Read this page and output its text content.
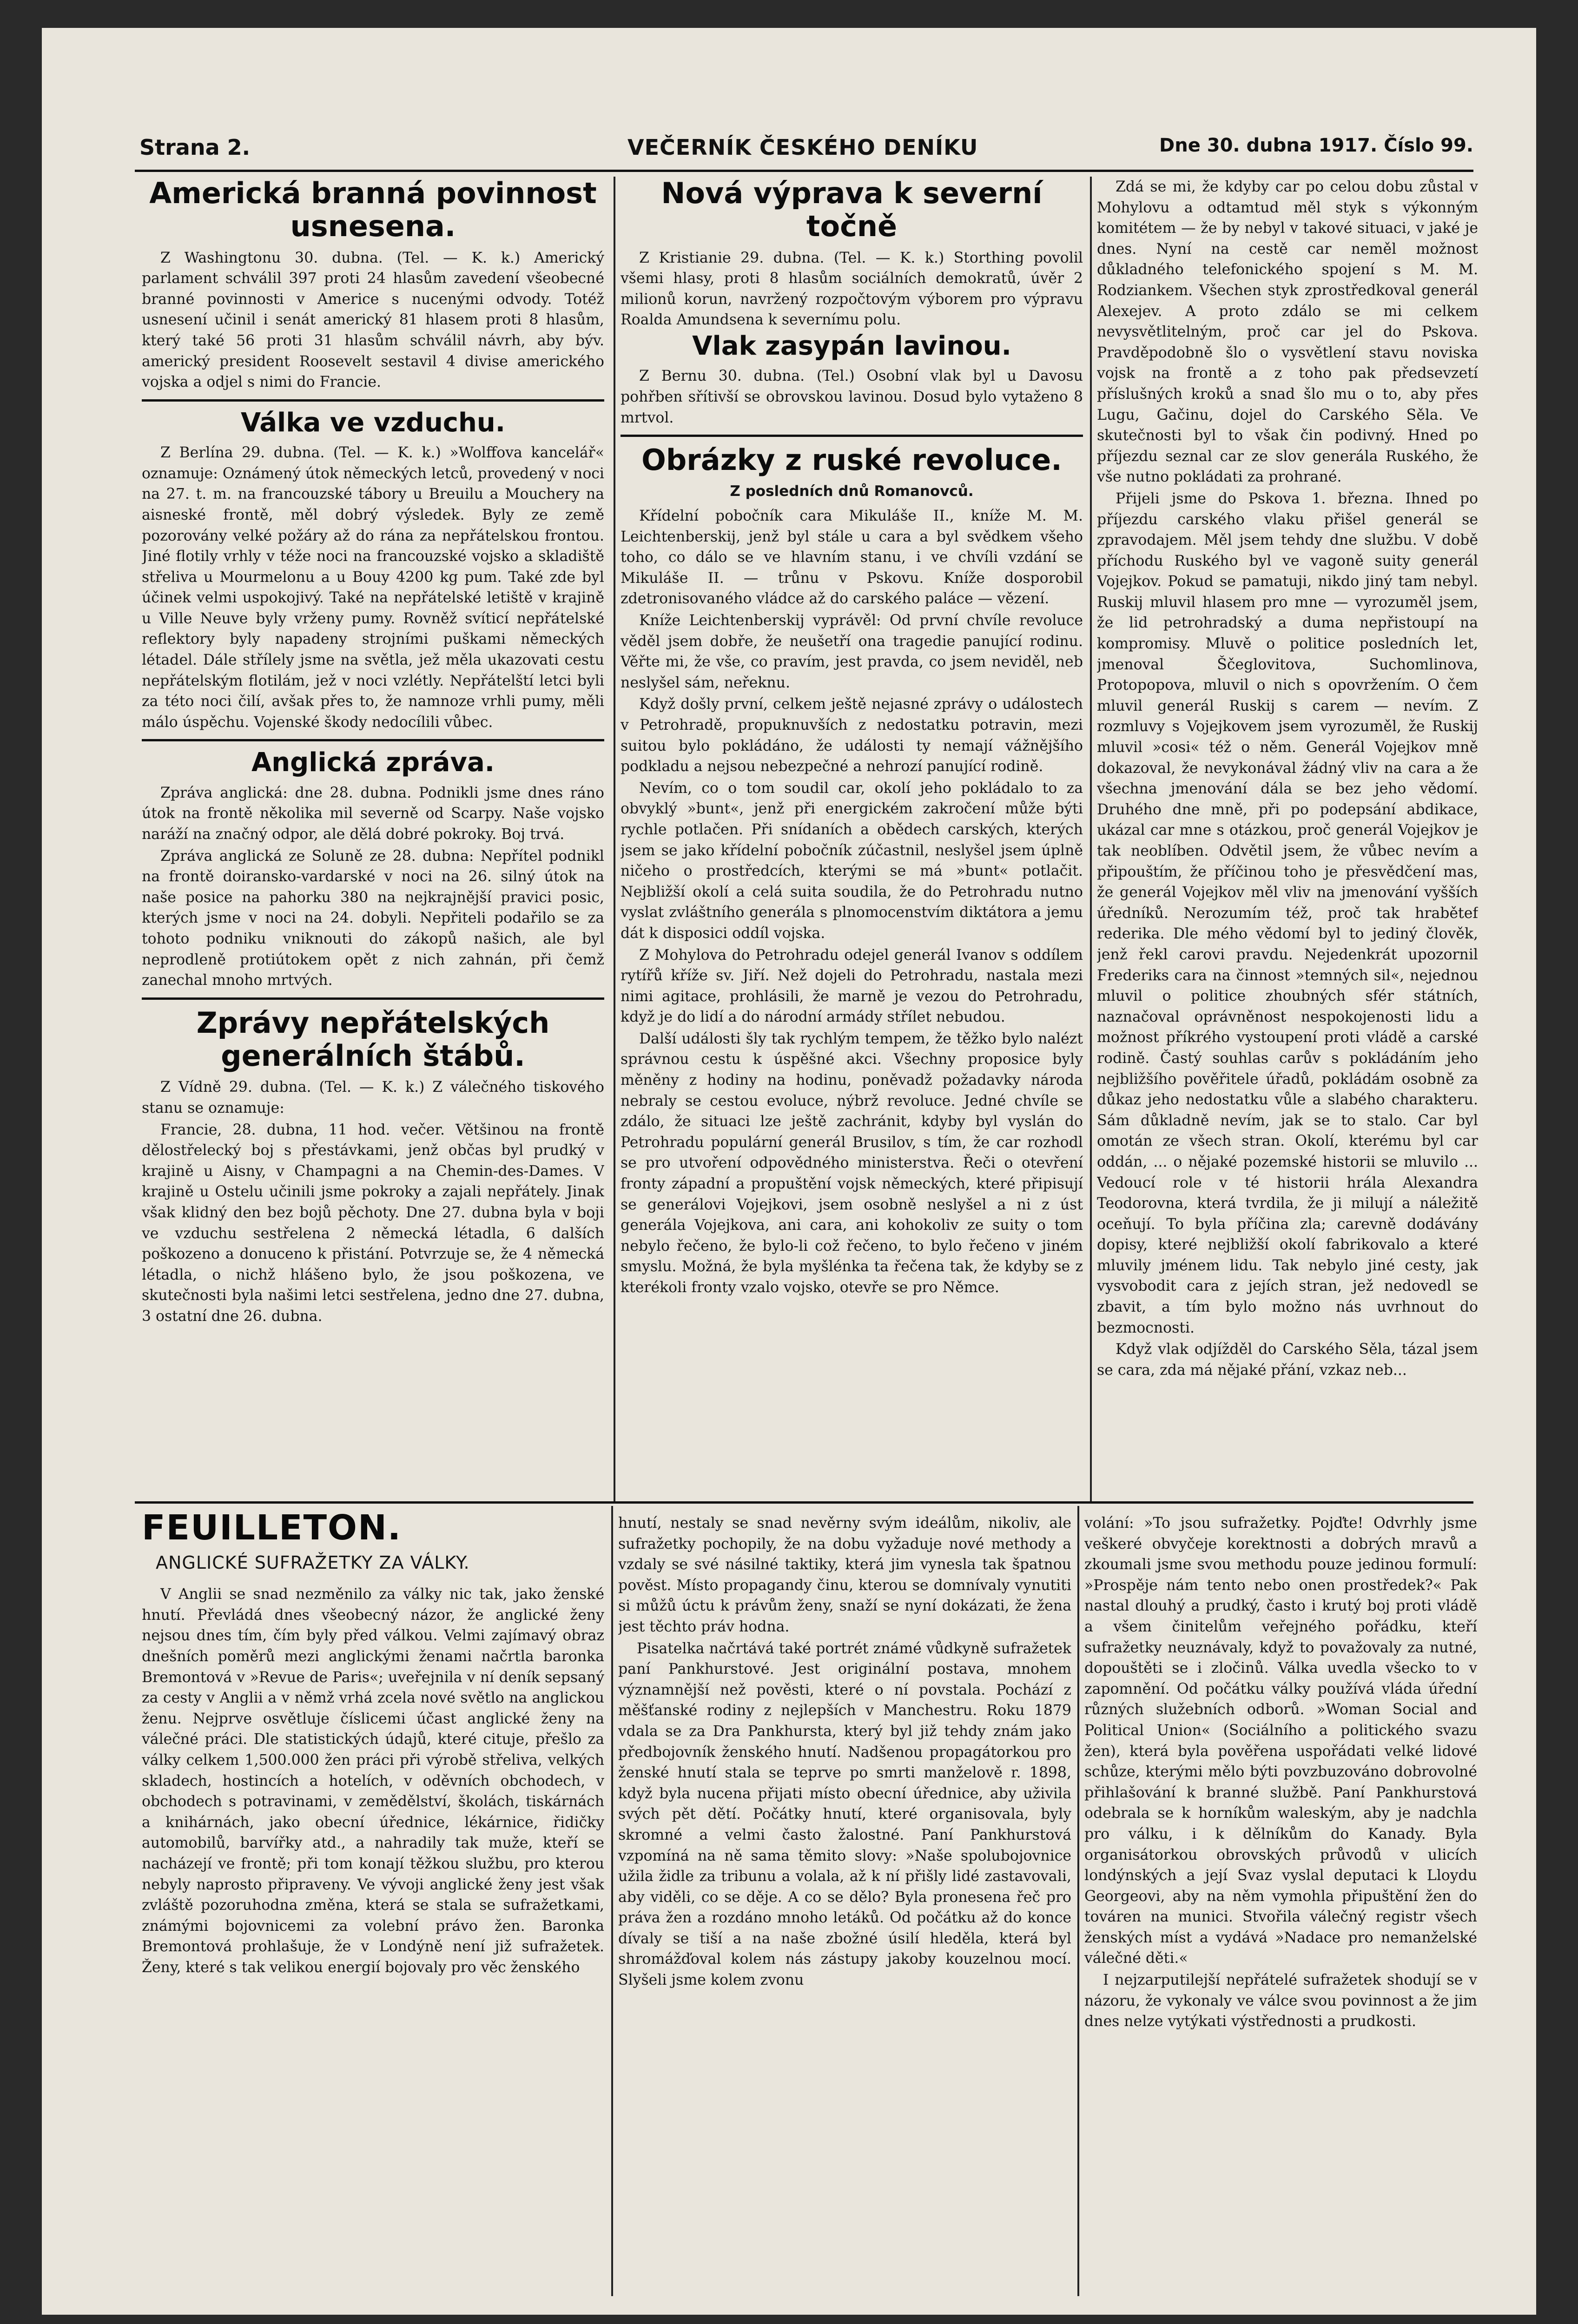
Strana 2.	VEČERNÍK ČESKÉHO DENÍKU	Dne 30. dubna 1917. Číslo 99.
Americká branná povinnost usnesena.

Z Washingtonu 30. dubna. (Tel. — K. k.) Americký parlament schválil 397 proti 24 hlasům zavedení všeobecné branné povinnosti v Americe s nucenými odvody. Totéž usnesení učinil i senát americký 81 hlasem proti 8 hlasům, který také 56 proti 31 hlasům schválil návrh, aby býv. americký president Roosevelt sestavil 4 divise amerického vojska a odjel s nimi do Francie.

Válka ve vzduchu.

Z Berlína 29. dubna. (Tel. — K. k.) »Wolffova kancelář« oznamuje: Oznámený útok německých letců, provedený v noci na 27. t. m. na francouzské tábory u Breuilu a Mouchery na aisneské frontě, měl dobrý výsledek. Byly ze země pozorovány velké požáry až do rána za nepřátelskou frontou. Jiné flotily vrhly v téže noci na francouzské vojsko a skladiště střeliva u Mourmelonu a u Bouy 4200 kg pum. Také zde byl účinek velmi uspokojivý. Také na nepřátelské letiště v krajině u Ville Neuve byly vrženy pumy. Rovněž svíticí nepřátelské reflektory byly napadeny strojními puškami německých létadel. Dále střílely jsme na světla, jež měla ukazovati cestu nepřátelským flotilám, jež v noci vzlétly. Nepřátelští letci byli za této noci čilí, avšak přes to, že namnoze vrhli pumy, měli málo úspěchu. Vojenské škody nedocílili vůbec.

Anglická zpráva.

Zpráva anglická: dne 28. dubna. Podnikli jsme dnes ráno útok na frontě několika mil severně od Scarpy. Naše vojsko naráží na značný odpor, ale dělá dobré pokroky. Boj trvá.

Zpráva anglická ze Soluně ze 28. dubna: Nepřítel podnikl na frontě doiransko-vardarské v noci na 26. silný útok na naše posice na pahorku 380 na nejkrajnější pravici posic, kterých jsme v noci na 24. dobyli. Nepřiteli podařilo se za tohoto podniku vniknouti do zákopů našich, ale byl neprodleně protiútokem opět z nich zahnán, při čemž zanechal mnoho mrtvých.

Zprávy nepřátelských generálních štábů.

Z Vídně 29. dubna. (Tel. — K. k.) Z válečného tiskového stanu se oznamuje:

Francie, 28. dubna, 11 hod. večer. Většinou na frontě dělostřelecký boj s přestávkami, jenž občas byl prudký v krajině u Aisny, v Champagni a na Chemin-des-Dames. V krajině u Ostelu učinili jsme pokroky a zajali nepřátely. Jinak však klidný den bez bojů pěchoty. Dne 27. dubna byla v boji ve vzduchu sestřelena 2 německá létadla, 6 dalších poškozeno a donuceno k přistání. Potvrzuje se, že 4 německá létadla, o nichž hlášeno bylo, že jsou poškozena, ve skutečnosti byla našimi letci sestřelena, jedno dne 27. dubna, 3 ostatní dne 26. dubna.

Nová výprava k severní točně

Z Kristianie 29. dubna. (Tel. — K. k.) Storthing povolil všemi hlasy, proti 8 hlasům sociálních demokratů, úvěr 2 milionů korun, navržený rozpočtovým výborem pro výpravu Roalda Amundsena k severnímu polu.

Vlak zasypán lavinou.

Z Bernu 30. dubna. (Tel.) Osobní vlak byl u Davosu pohřben sřítivší se obrovskou lavinou. Dosud bylo vytaženo 8 mrtvol.

Obrázky z ruské revoluce.
Z posledních dnů Romanovců.

Křídelní pobočník cara Mikuláše II., kníže M. M. Leichtenberskij, jenž byl stále u cara a byl svědkem všeho toho, co dálo se ve hlavním stanu, i ve chvíli vzdání se Mikuláše II. — trůnu v Pskovu. Kníže dosporobil zdetronisovaného vládce až do carského paláce — vězení.

Kníže Leichtenberskij vyprávěl: Od první chvíle revoluce věděl jsem dobře, že neušetří ona tragedie panující rodinu. Věřte mi, že vše, co pravím, jest pravda, co jsem neviděl, neb neslyšel sám, neřeknu.

Když došly první, celkem ještě nejasné zprávy o událostech v Petrohradě, propuknuvších z nedostatku potravin, mezi suitou bylo pokládáno, že události ty nemají vážnějšího podkladu a nejsou nebezpečné a nehrozí panující rodině.

Nevím, co o tom soudil car, okolí jeho pokládalo to za obvyklý »bunt«, jenž při energickém zakročení může býti rychle potlačen. Při snídaních a obědech carských, kterých jsem se jako křídelní pobočník zúčastnil, neslyšel jsem úplně ničeho o prostředcích, kterými se má »bunt« potlačit. Nejbližší okolí a celá suita soudila, že do Petrohradu nutno vyslat zvláštního generála s plnomocenstvím diktátora a jemu dát k disposici oddíl vojska.

Z Mohylova do Petrohradu odejel generál Ivanov s oddílem rytířů kříže sv. Jiří. Než dojeli do Petrohradu, nastala mezi nimi agitace, prohlásili, že marně je vezou do Petrohradu, když je do lidí a do národní armády střílet nebudou.

Další události šly tak rychlým tempem, že těžko bylo nalézt správnou cestu k úspěšné akci. Všechny proposice byly měněny z hodiny na hodinu, poněvadž požadavky národa nebraly se cestou evoluce, nýbrž revoluce. Jedné chvíle se zdálo, že situaci lze ještě zachránit, kdyby byl vyslán do Petrohradu populární generál Brusilov, s tím, že car rozhodl se pro utvoření odpovědného ministerstva. Řeči o otevření fronty západní a propuštění vojsk německých, které připisují se generálovi Vojejkovi, jsem osobně neslyšel a ni z úst generála Vojejkova, ani cara, ani kohokoliv ze suity o tom nebylo řečeno, že bylo-li což řečeno, to bylo řečeno v jiném smyslu. Možná, že byla myšlénka ta řečena tak, že kdyby se z kterékoli fronty vzalo vojsko, otevře se pro Němce.

Zdá se mi, že kdyby car po celou dobu zůstal v Mohylovu a odtamtud měl styk s výkonným komitétem — že by nebyl v takové situaci, v jaké je dnes. Nyní na cestě car neměl možnost důkladného telefonického spojení s M. M. Rodziankem. Všechen styk zprostředkoval generál Alexejev. A proto zdálo se mi celkem nevysvětlitelným, proč car jel do Pskova. Pravděpodobně šlo o vysvětlení stavu noviska vojsk na frontě a z toho pak předsevzetí příslušných kroků a snad šlo mu o to, aby přes Lugu, Gačinu, dojel do Carského Sěla. Ve skutečnosti byl to však čin podivný. Hned po příjezdu seznal car ze slov generála Ruského, že vše nutno pokládati za prohrané.

Přijeli jsme do Pskova 1. března. Ihned po příjezdu carského vlaku přišel generál se zpravodajem. Měl jsem tehdy dne službu. V době příchodu Ruského byl ve vagoně suity generál Vojejkov. Pokud se pamatuji, nikdo jiný tam nebyl. Ruskij mluvil hlasem pro mne — vyrozuměl jsem, že lid petrohradský a duma nepřistoupí na kompromisy. Mluvě o politice posledních let, jmenoval Ščeglovitova, Suchomlinova, Protopopova, mluvil o nich s opovržením. O čem mluvil generál Ruskij s carem — nevím. Z rozmluvy s Vojejkovem jsem vyrozuměl, že Ruskij mluvil »cosi« též o něm. Generál Vojejkov mně dokazoval, že nevykonával žádný vliv na cara a že všechna jmenování dála se bez jeho vědomí. Druhého dne mně, při po podepsání abdikace, ukázal car mne s otázkou, proč generál Vojejkov je tak neoblíben. Odvětil jsem, že vůbec nevím a připouštím, že příčinou toho je přesvědčení mas, že generál Vojejkov měl vliv na jmenování vyšších úředníků. Nerozumím též, proč tak hrabětef rederika. Dle mého vědomí byl to jediný člověk, jenž řekl carovi pravdu. Nejedenkrát upozornil Frederiks cara na činnost »temných sil«, nejednou mluvil o politice zhoubných sfér státních, naznačoval oprávněnost nespokojenosti lidu a možnost příkrého vystoupení proti vládě a carské rodině. Častý souhlas carův s pokládáním jeho nejbližšího pověřitele úřadů, pokládám osobně za důkaz jeho nedostatku vůle a slabého charakteru. Sám důkladně nevím, jak se to stalo. Car byl omotán ze všech stran. Okolí, kterému byl car oddán, ... o nějaké pozemské historii se mluvilo ... Vedoucí role v té historii hrála Alexandra Teodorovna, která tvrdila, že ji milují a náležitě oceňují. To byla příčina zla; carevně dodávány dopisy, které nejbližší okolí fabrikovalo a které mluvily jménem lidu. Tak nebylo jiné cesty, jak vysvobodit cara z jejích stran, jež nedovedl se zbavit, a tím bylo možno nás uvrhnout do bezmocnosti.

Když vlak odjížděl do Carského Sěla, tázal jsem se cara, zda má nějaké přání, vzkaz neb...

FEUILLETON.
ANGLICKÉ SUFRAŽETKY ZA VÁLKY.

V Anglii se snad nezměnilo za války nic tak, jako ženské hnutí. Převládá dnes všeobecný názor, že anglické ženy nejsou dnes tím, čím byly před válkou. Velmi zajímavý obraz dnešních poměrů mezi anglickými ženami načrtla baronka Bremontová v »Revue de Paris«; uveřejnila v ní deník sepsaný za cesty v Anglii a v němž vrhá zcela nové světlo na anglickou ženu. Nejprve osvětluje číslicemi účast anglické ženy na válečné práci. Dle statistických údajů, které cituje, přešlo za války celkem 1,500.000 žen práci při výrobě střeliva, velkých skladech, hostincích a hotelích, v oděvních obchodech, v obchodech s potravinami, v zemědělství, školách, tiskárnách a knihárnách, jako obecní úřednice, lékárnice, řidičky automobilů, barvířky atd., a nahradily tak muže, kteří se nacházejí ve frontě; při tom konají těžkou službu, pro kterou nebyly naprosto připraveny. Ve vývoji anglické ženy jest však zvláště pozoruhodna změna, která se stala se sufražetkami, známými bojovnicemi za volební právo žen. Baronka Bremontová prohlašuje, že v Londýně není již sufražetek. Ženy, které s tak velikou energií bojovaly pro věc ženského

hnutí, nestaly se snad nevěrny svým ideálům, nikoliv, ale sufražetky pochopily, že na dobu vyžaduje nové methody a vzdaly se své násilné taktiky, která jim vynesla tak špatnou pověst. Místo propagandy činu, kterou se domnívaly vynutiti si můžů úctu k právům ženy, snaží se nyní dokázati, že žena jest těchto práv hodna.

Pisatelka načrtává také portrét známé vůdkyně sufražetek paní Pankhurstové. Jest originální postava, mnohem významnější než pověsti, které o ní povstala. Pochází z měšťanské rodiny z nejlepších v Manchestru. Roku 1879 vdala se za Dra Pankhursta, který byl již tehdy znám jako předbojovník ženského hnutí. Nadšenou propagátorkou pro ženské hnutí stala se teprve po smrti manželově r. 1898, když byla nucena přijati místo obecní úřednice, aby uživila svých pět dětí. Počátky hnutí, které organisovala, byly skromné a velmi často žalostné. Paní Pankhurstová vzpomíná na ně sama těmito slovy: »Naše spolubojovnice užila židle za tribunu a volala, až k ní přišly lidé zastavovali, aby viděli, co se děje. A co se dělo? Byla pronesena řeč pro práva žen a rozdáno mnoho letáků. Od počátku až do konce dívaly se tiší a na naše zbožné úsilí hleděla, která byl shromážďoval kolem nás zástupy jakoby kouzelnou mocí. Slyšeli jsme kolem zvonu

volání: »To jsou sufražetky. Pojďte! Odvrhly jsme veškeré obvyčeje korektnosti a dobrých mravů a zkoumali jsme svou methodu pouze jedinou formulí: »Prospěje nám tento nebo onen prostředek?« Pak nastal dlouhý a prudký, často i krutý boj proti vládě a všem činitelům veřejného pořádku, kteří sufražetky neuznávaly, když to považovaly za nutné, dopouštěti se i zločinů. Válka uvedla všecko to v zapomnění. Od počátku války používá vláda úřední různých služebních odborů. »Woman Social and Political Union« (Sociálního a politického svazu žen), která byla pověřena uspořádati velké lidové schůze, kterými mělo býti povzbuzováno dobrovolné přihlašování k branné službě. Paní Pankhurstová odebrala se k horníkům waleským, aby je nadchla pro válku, i k dělníkům do Kanady. Byla organisátorkou obrovských průvodů v ulicích londýnských a její Svaz vyslal deputaci k Lloydu Georgeovi, aby na něm vymohla připuštění žen do továren na munici. Stvořila válečný registr všech ženských míst a vydává »Nadace pro nemanželské válečné děti.«

I nejzarputilejší nepřátelé sufražetek shodují se v názoru, že vykonaly ve válce svou povinnost a že jim dnes nelze vytýkati výstřednosti a prudkosti.
